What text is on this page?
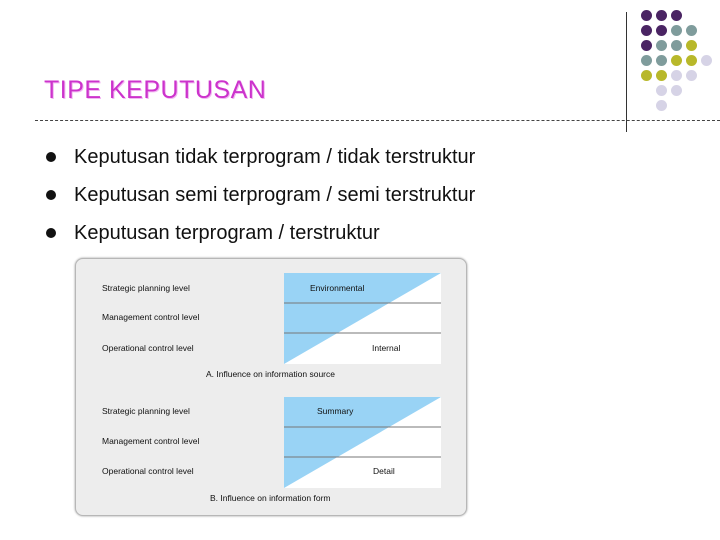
TIPE KEPUTUSAN
Keputusan tidak terprogram / tidak terstruktur
Keputusan semi terprogram / semi terstruktur
Keputusan terprogram / terstruktur
Strategic planning level
Management control level
Operational control level
Environmental
Internal
A. Influence on information source
Strategic planning level
Management control level
Operational control level
Summary
Detail
B. Influence on information form
